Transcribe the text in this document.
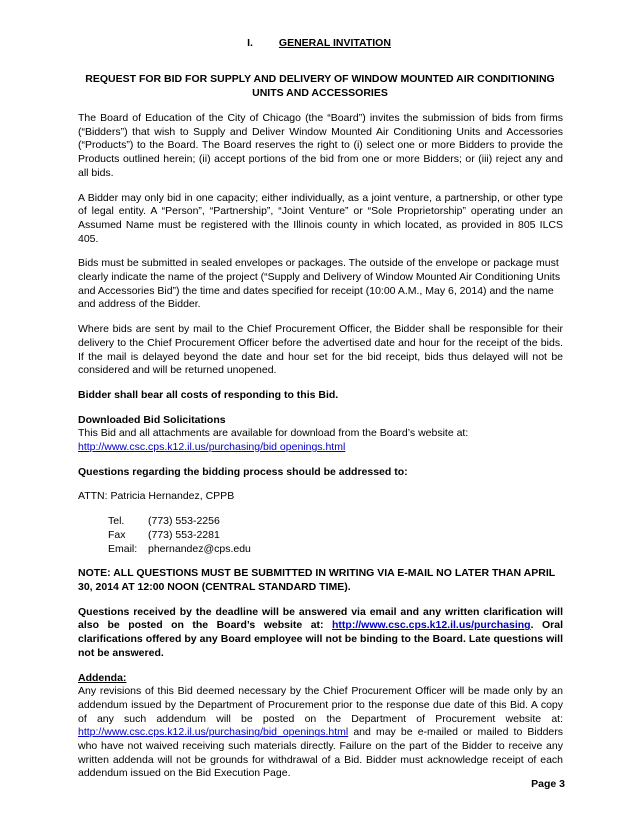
I. GENERAL INVITATION
REQUEST FOR BID FOR SUPPLY AND DELIVERY OF WINDOW MOUNTED AIR CONDITIONING UNITS AND ACCESSORIES

The Board of Education of the City of Chicago (the “Board”) invites the submission of bids from firms (“Bidders”) that wish to Supply and Deliver Window Mounted Air Conditioning Units and Accessories (“Products”) to the Board. The Board reserves the right to (i) select one or more Bidders to provide the Products outlined herein; (ii) accept portions of the bid from one or more Bidders; or (iii) reject any and all bids.

A Bidder may only bid in one capacity; either individually, as a joint venture, a partnership, or other type of legal entity. A “Person”, “Partnership”, “Joint Venture” or “Sole Proprietorship” operating under an Assumed Name must be registered with the Illinois county in which located, as provided in 805 ILCS 405.

Bids must be submitted in sealed envelopes or packages. The outside of the envelope or package must clearly indicate the name of the project (“Supply and Delivery of Window Mounted Air Conditioning Units and Accessories Bid”) the time and dates specified for receipt (10:00 A.M., May 6, 2014) and the name and address of the Bidder.

Where bids are sent by mail to the Chief Procurement Officer, the Bidder shall be responsible for their delivery to the Chief Procurement Officer before the advertised date and hour for the receipt of the bids. If the mail is delayed beyond the date and hour set for the bid receipt, bids thus delayed will not be considered and will be returned unopened.

Bidder shall bear all costs of responding to this Bid.

Downloaded Bid Solicitations
This Bid and all attachments are available for download from the Board’s website at:
http://www.csc.cps.k12.il.us/purchasing/bid openings.html

Questions regarding the bidding process should be addressed to:

ATTN: Patricia Hernandez, CPPB

Tel.	(773) 553-2256
Fax	(773) 553-2281
Email:	phernandez@cps.edu

NOTE: ALL QUESTIONS MUST BE SUBMITTED IN WRITING VIA E-MAIL NO LATER THAN APRIL 30, 2014 AT 12:00 NOON (CENTRAL STANDARD TIME).

Questions received by the deadline will be answered via email and any written clarification will also be posted on the Board’s website at: http://www.csc.cps.k12.il.us/purchasing. Oral clarifications offered by any Board employee will not be binding to the Board. Late questions will not be answered.

Addenda:
Any revisions of this Bid deemed necessary by the Chief Procurement Officer will be made only by an addendum issued by the Department of Procurement prior to the response due date of this Bid. A copy of any such addendum will be posted on the Department of Procurement website at: http://www.csc.cps.k12.il.us/purchasing/bid_openings.html and may be e-mailed or mailed to Bidders who have not waived receiving such materials directly. Failure on the part of the Bidder to receive any written addenda will not be grounds for withdrawal of a Bid. Bidder must acknowledge receipt of each addendum issued on the Bid Execution Page.

Page 3
